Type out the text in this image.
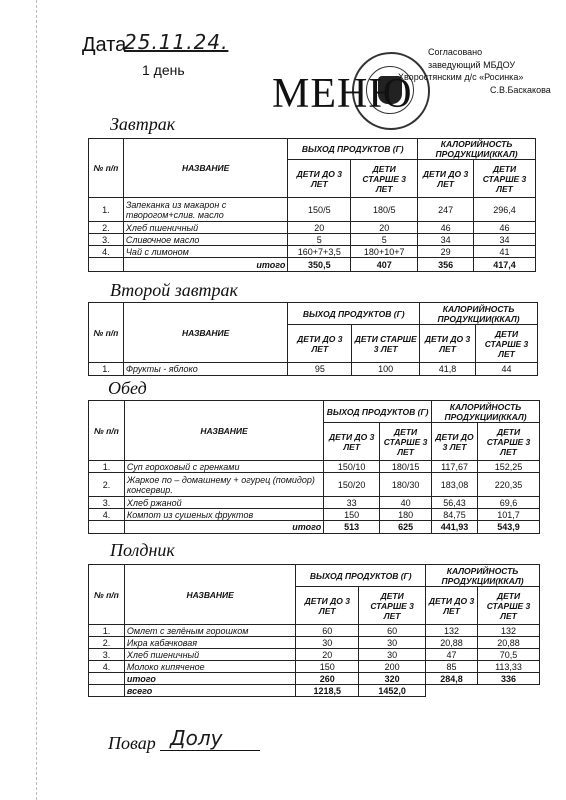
Дата
25.11.24.
1 день
МЕНЮ
Согласовано
заведующий МБДОУ
Хворостянским д/с «Росинка»
С.В.Баскакова
Завтрак
№ п/п	НАЗВАНИЕ	ВЫХОД ПРОДУКТОВ (Г)		КАЛОРИЙНОСТЬ ПРОДУКЦИИ(ККАЛ)	
		ДЕТИ ДО 3 ЛЕТ	ДЕТИ СТАРШЕ 3 ЛЕТ	ДЕТИ ДО 3 ЛЕТ	ДЕТИ СТАРШЕ 3 ЛЕТ
1.	Запеканка из макарон с творогом+слив. масло	150/5	180/5	247	296,4
2.	Хлеб пшеничный	20	20	46	46
3.	Сливочное масло	5	5	34	34
4.	Чай с лимоном	160+7+3,5	180+10+7	29	41
	итого	350,5	407	356	417,4
Второй завтрак
№ п/п	НАЗВАНИЕ	ВЫХОД ПРОДУКТОВ (Г)		КАЛОРИЙНОСТЬ ПРОДУКЦИИ(ККАЛ)	
		ДЕТИ ДО 3 ЛЕТ	ДЕТИ СТАРШЕ 3 ЛЕТ	ДЕТИ ДО 3 ЛЕТ	ДЕТИ СТАРШЕ 3 ЛЕТ
1.	Фрукты - яблоко	95	100	41,8	44
Обед
№ п/п	НАЗВАНИЕ	ВЫХОД ПРОДУКТОВ (Г)		КАЛОРИЙНОСТЬ ПРОДУКЦИИ(ККАЛ)	
		ДЕТИ ДО 3 ЛЕТ	ДЕТИ СТАРШЕ 3 ЛЕТ	ДЕТИ ДО 3 ЛЕТ	ДЕТИ СТАРШЕ 3 ЛЕТ
1.	Суп гороховый с гренками	150/10	180/15	117,67	152,25
2.	Жаркое по – домашнему + огурец (помидор) консервир.	150/20	180/30	183,08	220,35
3.	Хлеб ржаной	33	40	56,43	69,6
4.	Компот из сушеных фруктов	150	180	84,75	101,7
	итого	513	625	441,93	543,9
Полдник
№ п/п	НАЗВАНИЕ	ВЫХОД ПРОДУКТОВ (Г)		КАЛОРИЙНОСТЬ ПРОДУКЦИИ(ККАЛ)	
		ДЕТИ ДО 3 ЛЕТ	ДЕТИ СТАРШЕ 3 ЛЕТ	ДЕТИ ДО 3 ЛЕТ	ДЕТИ СТАРШЕ 3 ЛЕТ
1.	Омлет с зелёным горошком	60	60	132	132
2.	Икра кабачковая	30	30	20,88	20,88
3.	Хлеб пшеничный	20	30	47	70,5
4.	Молоко кипяченое	150	200	85	113,33
	итого	260	320	284,8	336
	всего	1218,5	1452,0		
Повар Долу
